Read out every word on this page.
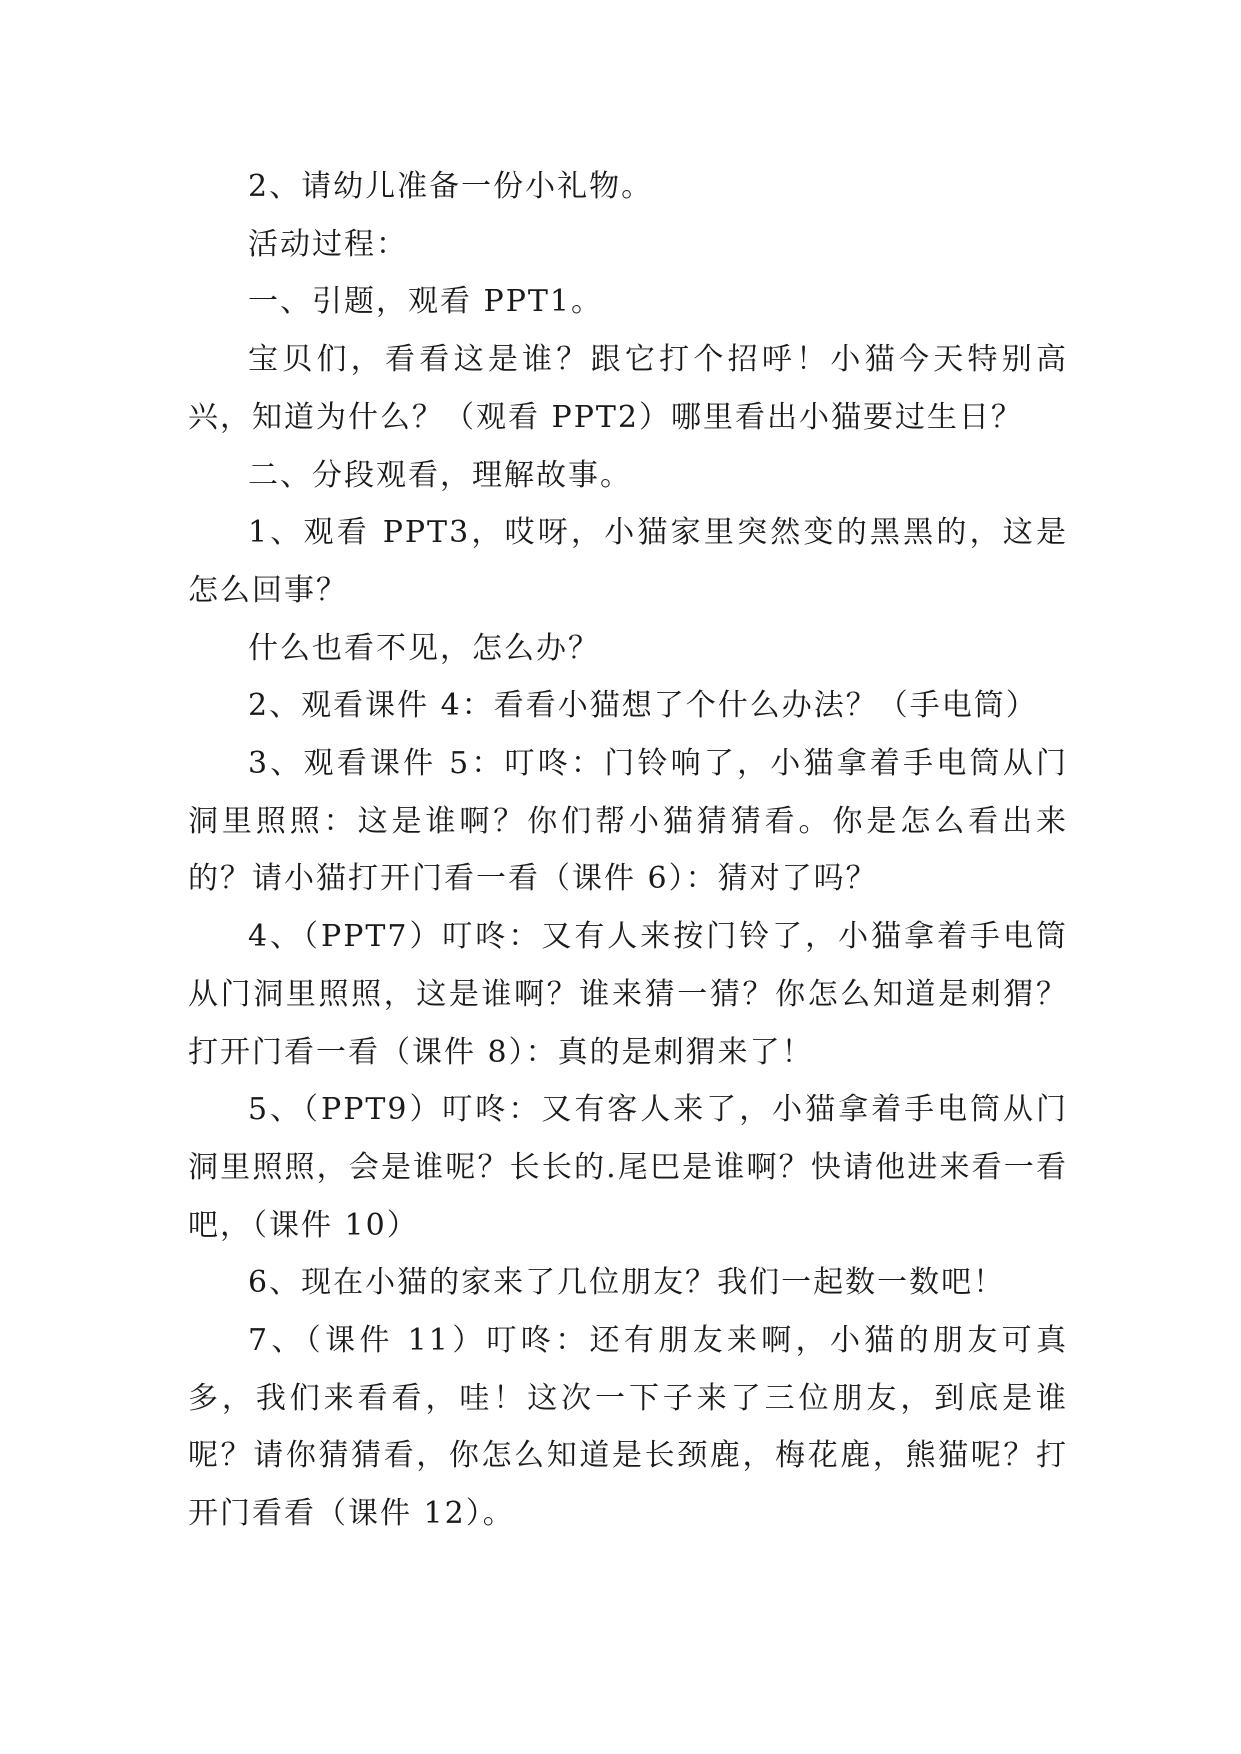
2、请幼儿准备一份小礼物。

活动过程：

一、引题，观看 PPT1。

宝贝们，看看这是谁？跟它打个招呼！小猫今天特别高兴，知道为什么？（观看 PPT2）哪里看出小猫要过生日？

二、分段观看，理解故事。

1、观看 PPT3，哎呀，小猫家里突然变的黑黑的，这是怎么回事？

什么也看不见，怎么办？

2、观看课件 4：看看小猫想了个什么办法？（手电筒）

3、观看课件 5：叮咚：门铃响了，小猫拿着手电筒从门洞里照照：这是谁啊？你们帮小猫猜猜看。你是怎么看出来的？请小猫打开门看一看（课件 6）：猜对了吗？

4、（PPT7）叮咚：又有人来按门铃了，小猫拿着手电筒从门洞里照照，这是谁啊？谁来猜一猜？你怎么知道是刺猬？打开门看一看（课件 8）：真的是刺猬来了！

5、（PPT9）叮咚：又有客人来了，小猫拿着手电筒从门洞里照照，会是谁呢？长长的.尾巴是谁啊？快请他进来看一看吧，（课件 10）

6、现在小猫的家来了几位朋友？我们一起数一数吧！

7、（课件 11）叮咚：还有朋友来啊，小猫的朋友可真多，我们来看看，哇！这次一下子来了三位朋友，到底是谁呢？请你猜猜看，你怎么知道是长颈鹿，梅花鹿，熊猫呢？打开门看看（课件 12）。
